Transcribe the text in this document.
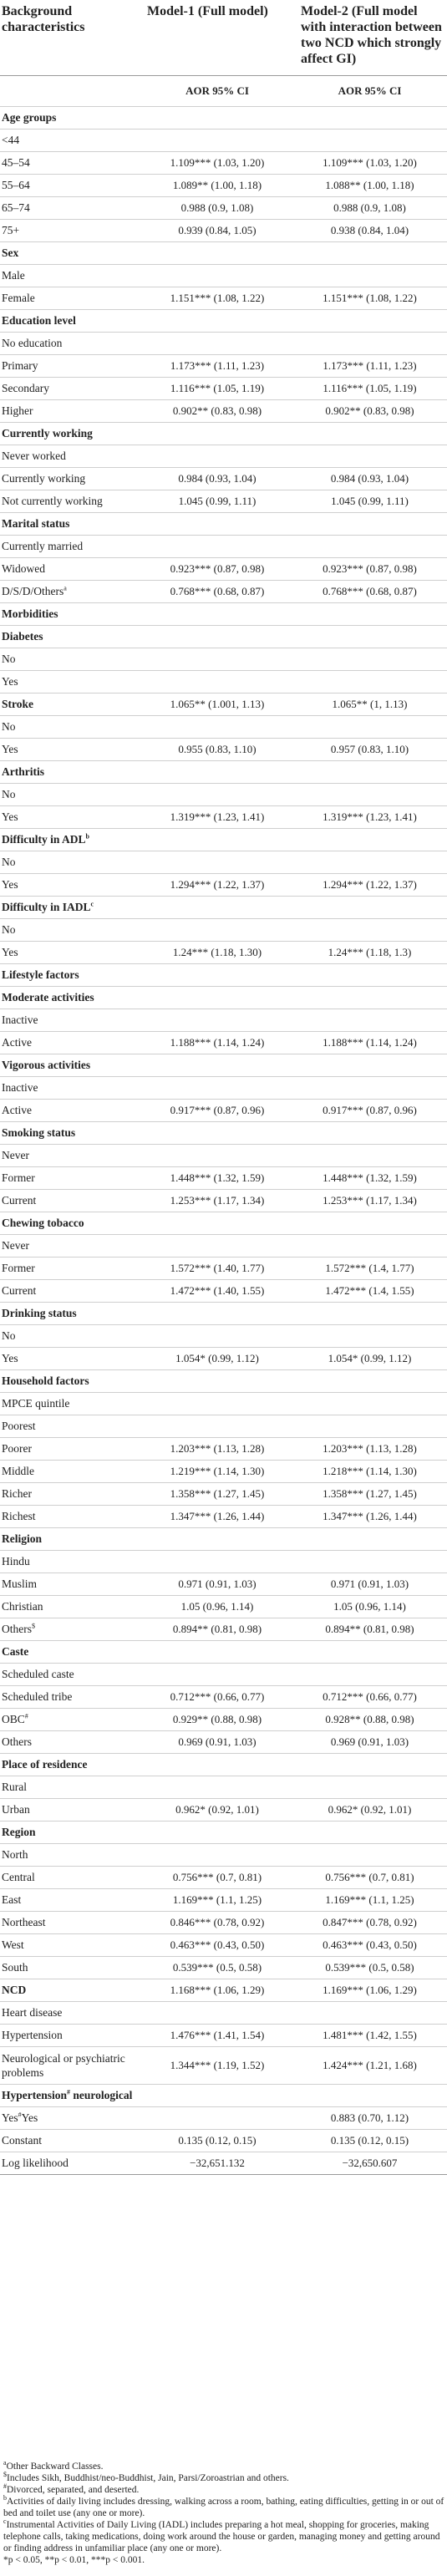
Background characteristics	Model-1 (Full model)	Model-2 (Full model with interaction between two NCD which strongly affect GI)
	AOR 95% CI	AOR 95% CI
Age groups		
<44		
45–54	1.109*** (1.03, 1.20)	1.109*** (1.03, 1.20)
55–64	1.089** (1.00, 1.18)	1.088** (1.00, 1.18)
65–74	0.988 (0.9, 1.08)	0.988 (0.9, 1.08)
75+	0.939 (0.84, 1.05)	0.938 (0.84, 1.04)
Sex		
Male		
Female	1.151*** (1.08, 1.22)	1.151*** (1.08, 1.22)
Education level		
No education		
Primary	1.173*** (1.11, 1.23)	1.173*** (1.11, 1.23)
Secondary	1.116*** (1.05, 1.19)	1.116*** (1.05, 1.19)
Higher	0.902** (0.83, 0.98)	0.902** (0.83, 0.98)
Currently working		
Never worked		
Currently working	0.984 (0.93, 1.04)	0.984 (0.93, 1.04)
Not currently working	1.045 (0.99, 1.11)	1.045 (0.99, 1.11)
Marital status		
Currently married		
Widowed	0.923*** (0.87, 0.98)	0.923*** (0.87, 0.98)
D/S/D/Others$^a$	0.768*** (0.68, 0.87)	0.768*** (0.68, 0.87)
Morbidities		
Diabetes		
No		
Yes		
Stroke	1.065** (1.001, 1.13)	1.065** (1, 1.13)
No		
Yes	0.955 (0.83, 1.10)	0.957 (0.83, 1.10)
Arthritis		
No		
Yes	1.319*** (1.23, 1.41)	1.319*** (1.23, 1.41)
Difficulty in ADL$^b$		
No		
Yes	1.294*** (1.22, 1.37)	1.294*** (1.22, 1.37)
Difficulty in IADL$^c$		
No		
Yes	1.24*** (1.18, 1.30)	1.24*** (1.18, 1.3)
Lifestyle factors		
Moderate activities		
Inactive		
Active	1.188*** (1.14, 1.24)	1.188*** (1.14, 1.24)
Vigorous activities		
Inactive		
Active	0.917*** (0.87, 0.96)	0.917*** (0.87, 0.96)
Smoking status		
Never		
Former	1.448*** (1.32, 1.59)	1.448*** (1.32, 1.59)
Current	1.253*** (1.17, 1.34)	1.253*** (1.17, 1.34)
Chewing tobacco		
Never		
Former	1.572*** (1.40, 1.77)	1.572*** (1.4, 1.77)
Current	1.472*** (1.40, 1.55)	1.472*** (1.4, 1.55)
Drinking status		
No		
Yes	1.054* (0.99, 1.12)	1.054* (0.99, 1.12)
Household factors		
MPCE quintile		
Poorest		
Poorer	1.203*** (1.13, 1.28)	1.203*** (1.13, 1.28)
Middle	1.219*** (1.14, 1.30)	1.218*** (1.14, 1.30)
Richer	1.358*** (1.27, 1.45)	1.358*** (1.27, 1.45)
Richest	1.347*** (1.26, 1.44)	1.347*** (1.26, 1.44)
Religion		
Hindu		
Muslim	0.971 (0.91, 1.03)	0.971 (0.91, 1.03)
Christian	1.05 (0.96, 1.14)	1.05 (0.96, 1.14)
Others$	0.894** (0.81, 0.98)	0.894** (0.81, 0.98)
Caste		
Scheduled caste		
Scheduled tribe	0.712*** (0.66, 0.77)	0.712*** (0.66, 0.77)
OBC#	0.929** (0.88, 0.98)	0.928** (0.88, 0.98)
Others	0.969 (0.91, 1.03)	0.969 (0.91, 1.03)
Place of residence		
Rural		
Urban	0.962* (0.92, 1.01)	0.962* (0.92, 1.01)
Region		
North		
Central	0.756*** (0.7, 0.81)	0.756*** (0.7, 0.81)
East	1.169*** (1.1, 1.25)	1.169*** (1.1, 1.25)
Northeast	0.846*** (0.78, 0.92)	0.847*** (0.78, 0.92)
West	0.463*** (0.43, 0.50)	0.463*** (0.43, 0.50)
South	0.539*** (0.5, 0.58)	0.539*** (0.5, 0.58)
NCD	1.168*** (1.06, 1.29)	1.169*** (1.06, 1.29)
Heart disease		
Hypertension	1.476*** (1.41, 1.54)	1.481*** (1.42, 1.55)
Neurological or psychiatric problems	1.344*** (1.19, 1.52)	1.424*** (1.21, 1.68)
Hypertension# neurological		
Yes#Yes		0.883 (0.70, 1.12)
Constant	0.135 (0.12, 0.15)	0.135 (0.12, 0.15)
Log likelihood	−32,651.132	−32,650.607

$^a$Other Backward Classes.

$Includes Sikh, Buddhist/neo-Buddhist, Jain, Parsi/Zoroastrian and others.

#Divorced, separated, and deserted.

$^b$Activities of daily living includes dressing, walking across a room, bathing, eating difficulties, getting in or out of bed and toilet use (any one or more).

$^c$Instrumental Activities of Daily Living (IADL) includes preparing a hot meal, shopping for groceries, making telephone calls, taking medications, doing work around the house or garden, managing money and getting around or finding address in unfamiliar place (any one or more).

*p < 0.05, **p < 0.01, ***p < 0.001.
